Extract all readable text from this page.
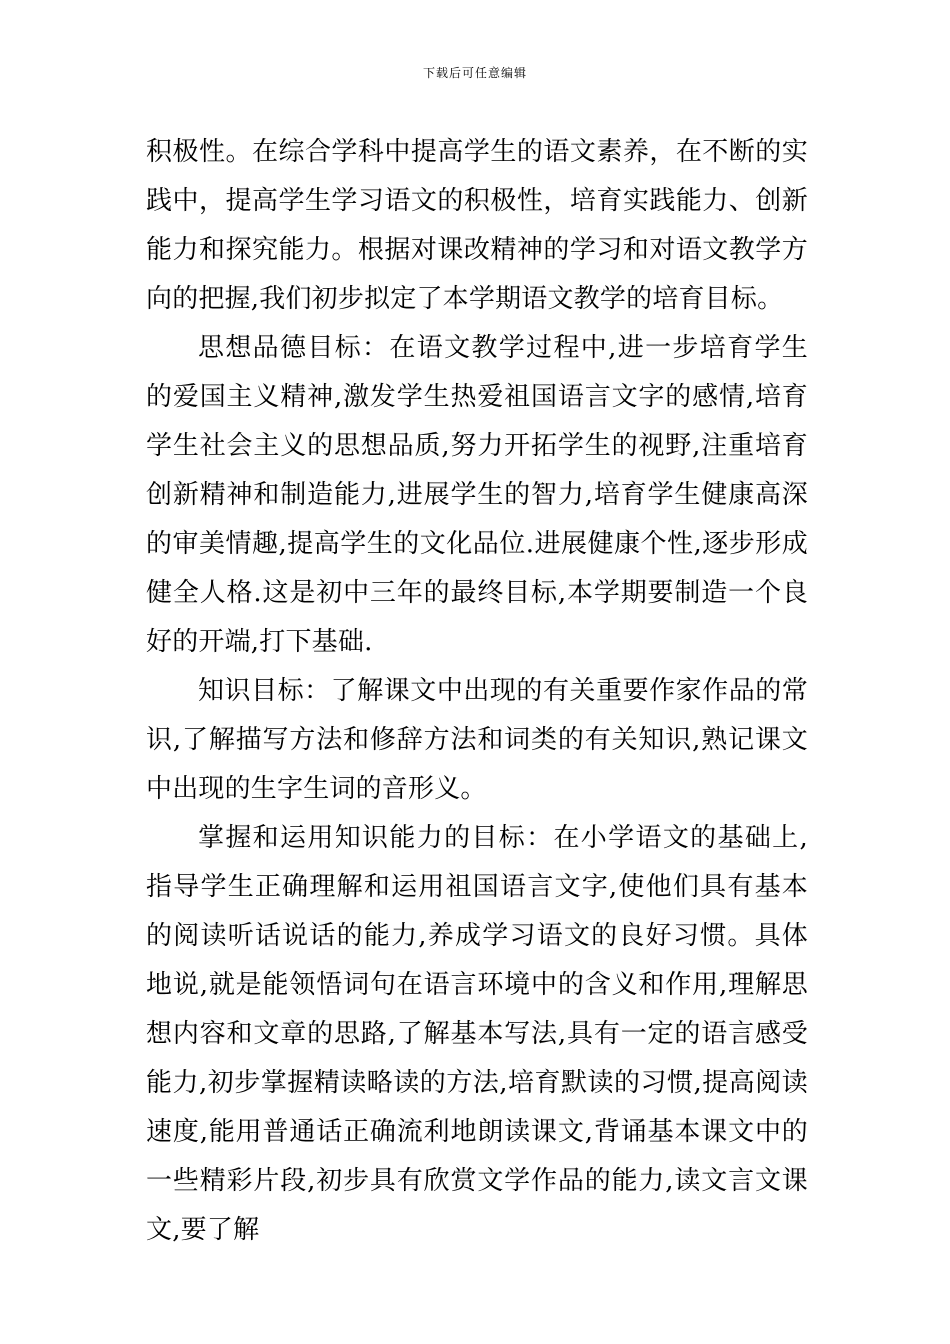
下载后可任意编辑

积极性。在综合学科中提高学生的语文素养，在不断的实践中，提高学生学习语文的积极性，培育实践能力、创新能力和探究能力。根据对课改精神的学习和对语文教学方向的把握,我们初步拟定了本学期语文教学的培育目标。

思想品德目标：在语文教学过程中,进一步培育学生的爱国主义精神,激发学生热爱祖国语言文字的感情,培育学生社会主义的思想品质,努力开拓学生的视野,注重培育创新精神和制造能力,进展学生的智力,培育学生健康高深的审美情趣,提高学生的文化品位.进展健康个性,逐步形成健全人格.这是初中三年的最终目标,本学期要制造一个良好的开端,打下基础.

知识目标：了解课文中出现的有关重要作家作品的常识,了解描写方法和修辞方法和词类的有关知识,熟记课文中出现的生字生词的音形义。

掌握和运用知识能力的目标：在小学语文的基础上,指导学生正确理解和运用祖国语言文字,使他们具有基本的阅读听话说话的能力,养成学习语文的良好习惯。具体地说,就是能领悟词句在语言环境中的含义和作用,理解思想内容和文章的思路,了解基本写法,具有一定的语言感受能力,初步掌握精读略读的方法,培育默读的习惯,提高阅读速度,能用普通话正确流利地朗读课文,背诵基本课文中的一些精彩片段,初步具有欣赏文学作品的能力,读文言文课文,要了解
